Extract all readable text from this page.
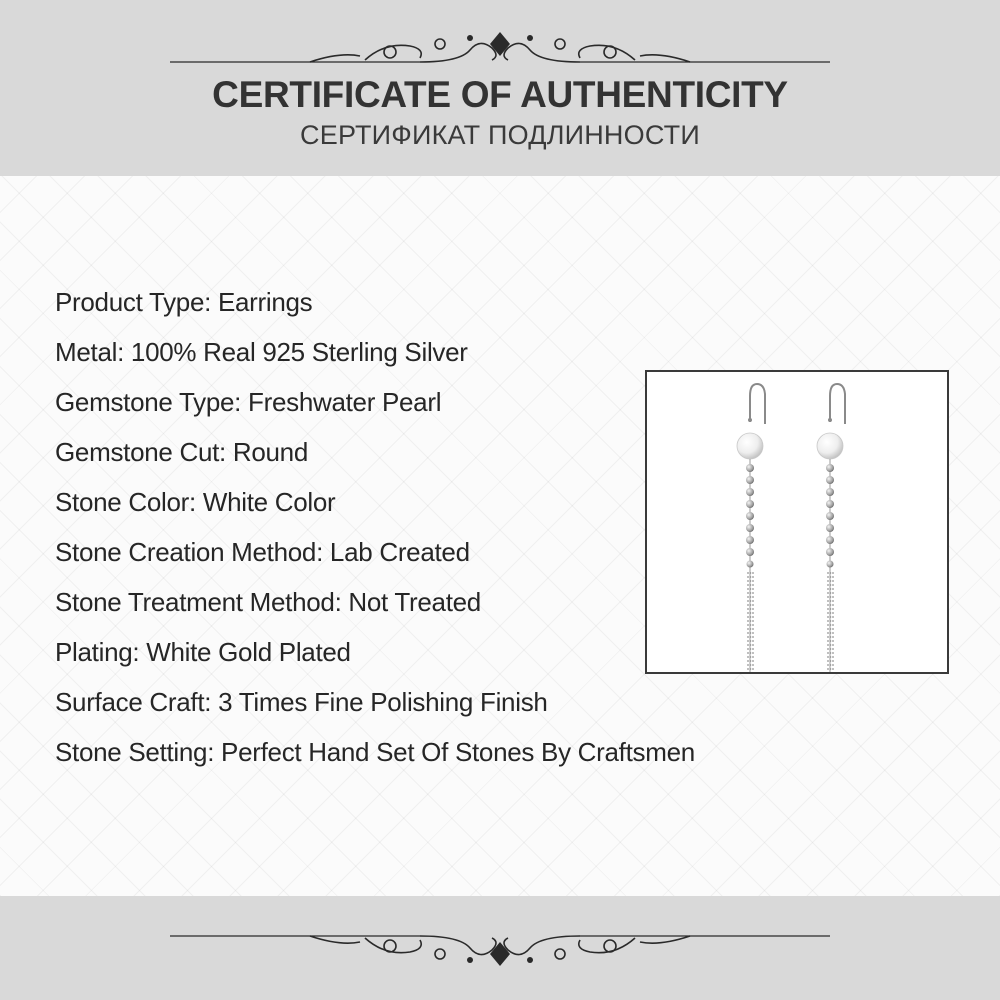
CERTIFICATE OF AUTHENTICITY
СЕРТИФИКАТ ПОДЛИННОСТИ
Product Type: Earrings
Metal: 100% Real 925 Sterling Silver
Gemstone Type: Freshwater Pearl
Gemstone Cut: Round
Stone Color: White Color
Stone Creation Method: Lab Created
Stone Treatment Method: Not Treated
Plating: White Gold Plated
Surface Craft: 3 Times Fine Polishing Finish
Stone Setting: Perfect Hand Set Of Stones By Craftsmen
